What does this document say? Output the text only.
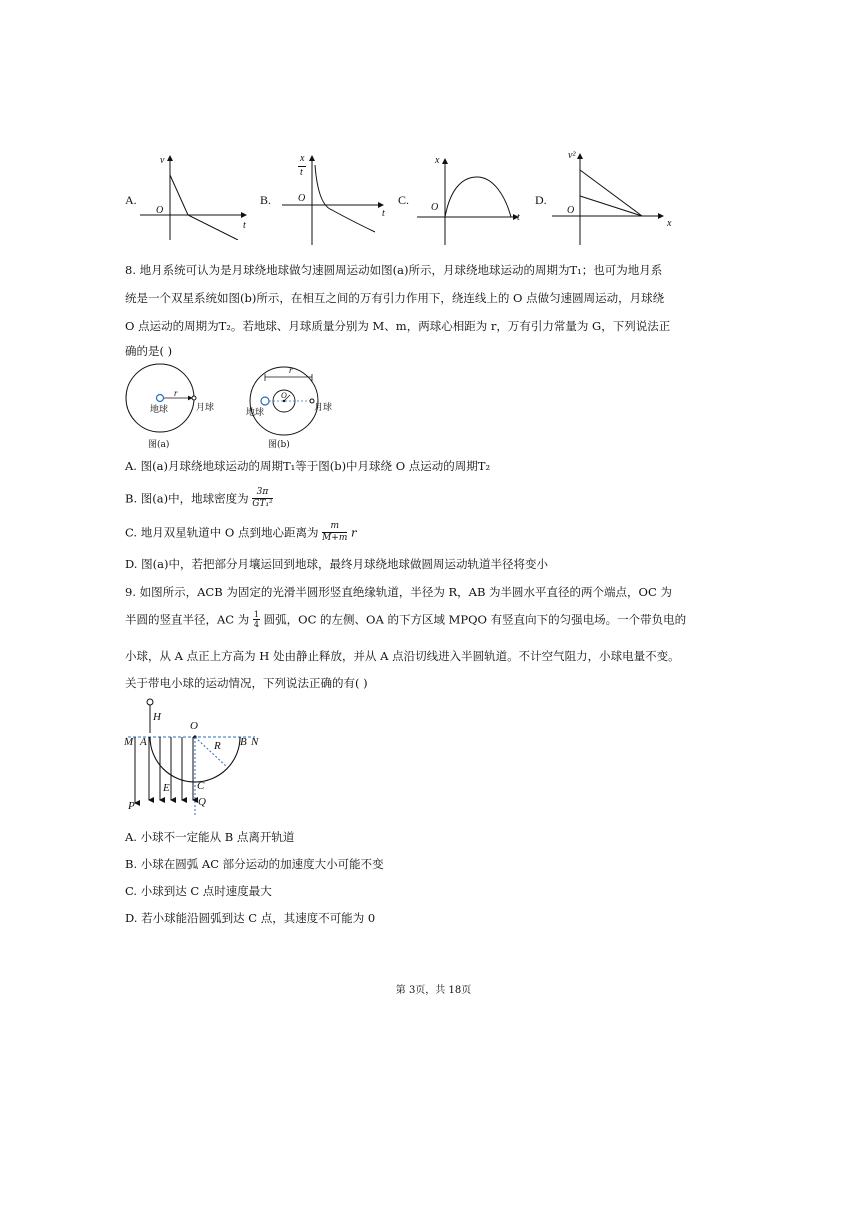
A.
v
O
t
B.
x
t
O
t
C.
x
O
t
D.
v²
O
x
8. 地月系统可认为是月球绕地球做匀速圆周运动如图(a)所示，月球绕地球运动的周期为T₁；也可为地月系
统是一个双星系统如图(b)所示，在相互之间的万有引力作用下，绕连线上的 O 点做匀速圆周运动，月球绕
O 点运动的周期为T₂。若地球、月球质量分别为 M、m，两球心相距为 r，万有引力常量为 G，下列说法正
确的是( )
地球	月球
r
图(a)
r
O
地球	月球
图(b)
A. 图(a)月球绕地球运动的周期T₁等于图(b)中月球绕 O 点运动的周期T₂
B. 图(a)中，地球密度为 $\frac{3\pi}{\text{GT₁²}}$
C. 地月双星轨道中 O 点到地心距离为 $\frac{m}{M+m}$ r
D. 图(a)中，若把部分月壤运回到地球，最终月球绕地球做圆周运动轨道半径将变小
9. 如图所示，ACB 为固定的光滑半圆形竖直绝缘轨道，半径为 R，AB 为半圆水平直径的两个端点，OC 为
半圆的竖直半径，AC 为 $\frac{1}{4}$ 圆弧，OC 的左侧、OA 的下方区域 MPQO 有竖直向下的匀强电场。一个带负电的
小球，从 A 点正上方高为 H 处由静止释放，并从 A 点沿切线进入半圆轨道。不计空气阻力，小球电量不变。
关于带电小球的运动情况，下列说法正确的有( )
H
O
M A	R B N
E C
P	Q
A. 小球不一定能从 B 点离开轨道
B. 小球在圆弧 AC 部分运动的加速度大小可能不变
C. 小球到达 C 点时速度最大
D. 若小球能沿圆弧到达 C 点，其速度不可能为 0
第 3页，共 18页
